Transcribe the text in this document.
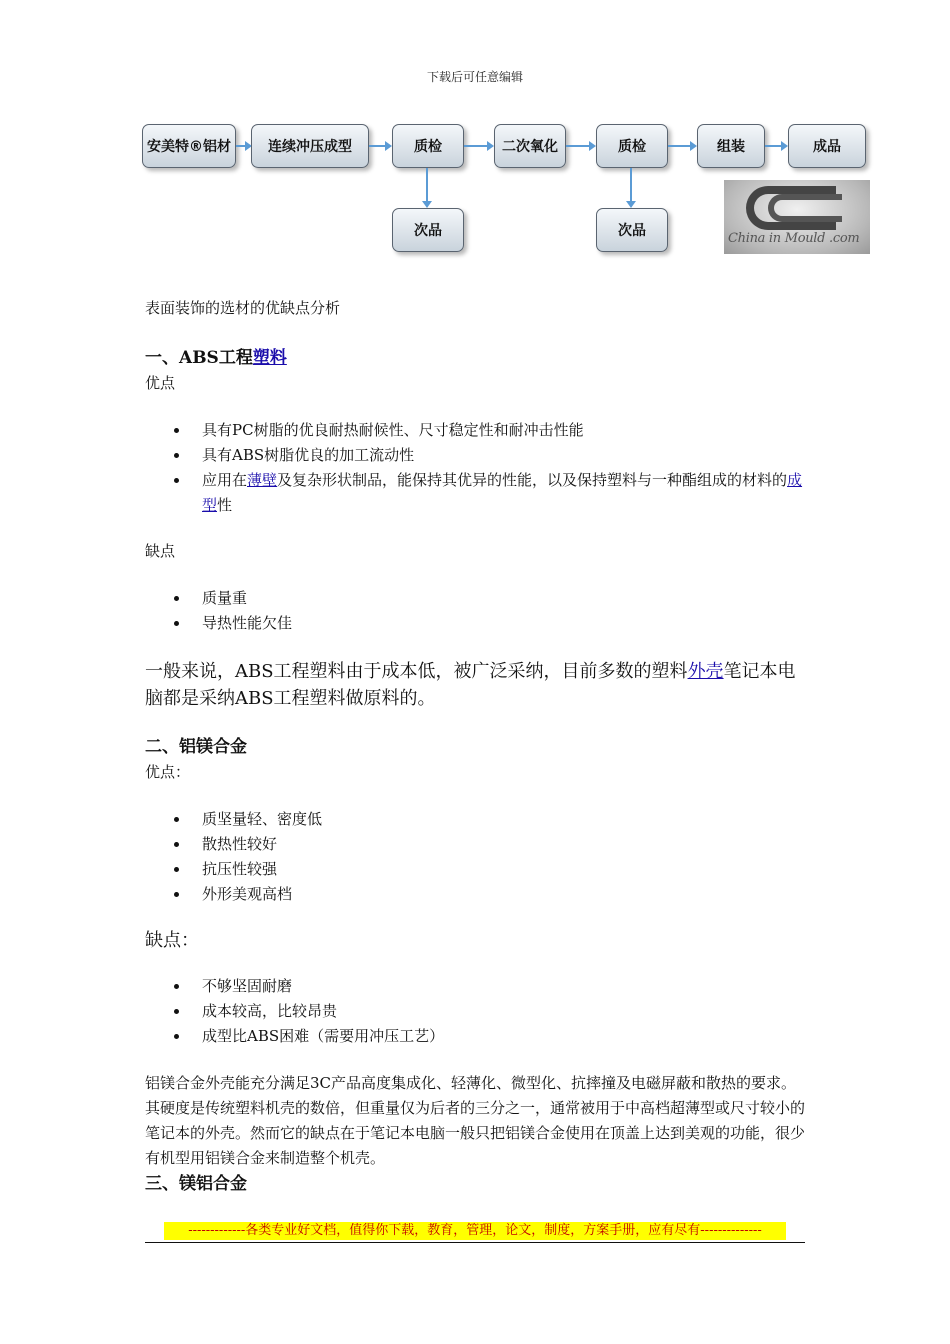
下载后可任意编辑
安美特®铝材	连续冲压成型	质检	二次氧化	质检	组装	成品
次品	次品	China in Mould .com

表面装饰的选材的优缺点分析

一、ABS工程塑料

优点

具有PC树脂的优良耐热耐候性、尺寸稳定性和耐冲击性能
具有ABS树脂优良的加工流动性
应用在薄壁及复杂形状制品，能保持其优异的性能，以及保持塑料与一种酯组成的材料的成型性

缺点

质量重
导热性能欠佳

一般来说，ABS工程塑料由于成本低，被广泛采纳，目前多数的塑料外壳笔记本电脑都是采纳ABS工程塑料做原料的。

二、铝镁合金

优点：

质坚量轻、密度低
散热性较好
抗压性较强
外形美观高档

缺点：

不够坚固耐磨
成本较高，比较昂贵
成型比ABS困难（需要用冲压工艺）

铝镁合金外壳能充分满足3C产品高度集成化、轻薄化、微型化、抗摔撞及电磁屏蔽和散热的要求。其硬度是传统塑料机壳的数倍，但重量仅为后者的三分之一，通常被用于中高档超薄型或尺寸较小的笔记本的外壳。然而它的缺点在于笔记本电脑一般只把铝镁合金使用在顶盖上达到美观的功能，很少有机型用铝镁合金来制造整个机壳。

三、镁铝合金

-------------各类专业好文档，值得你下载，教育，管理，论文，制度，方案手册，应有尽有--------------
